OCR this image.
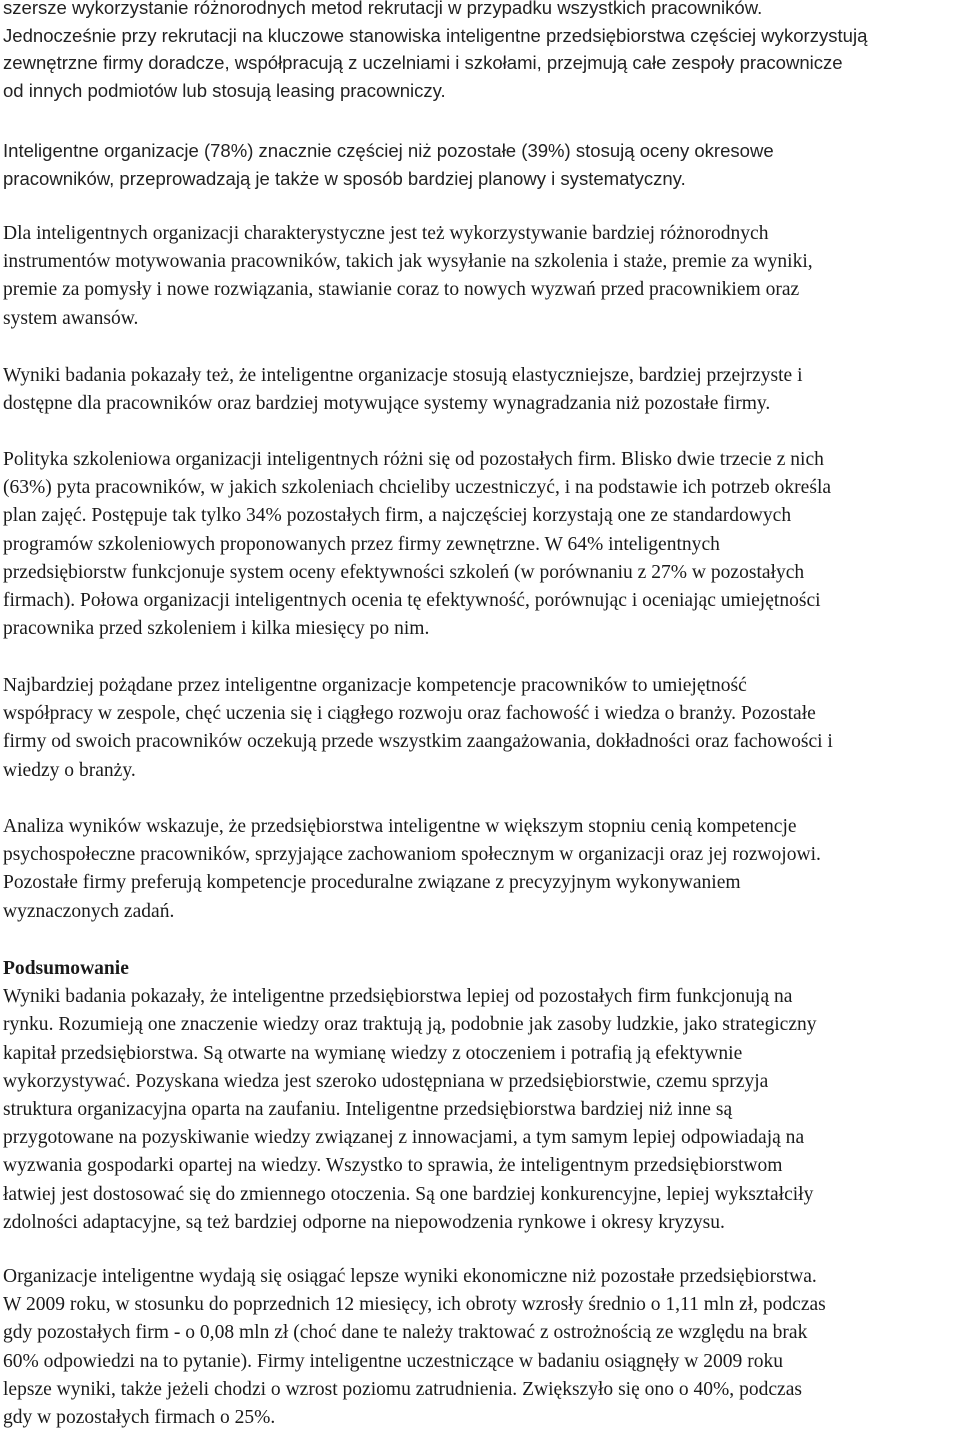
szersze wykorzystanie różnorodnych metod rekrutacji w przypadku wszystkich pracowników.
Jednocześnie przy rekrutacji na kluczowe stanowiska inteligentne przedsiębiorstwa częściej wykorzystują
zewnętrzne firmy doradcze, współpracują z uczelniami i szkołami, przejmują całe zespoły pracownicze
od innych podmiotów lub stosują leasing pracowniczy.
Inteligentne organizacje (78%) znacznie częściej niż pozostałe (39%) stosują oceny okresowe
pracowników, przeprowadzają je także w sposób bardziej planowy i systematyczny.
Dla inteligentnych organizacji charakterystyczne jest też wykorzystywanie bardziej różnorodnych
instrumentów motywowania pracowników, takich jak wysyłanie na szkolenia i staże, premie za wyniki,
premie za pomysły i nowe rozwiązania, stawianie coraz to nowych wyzwań przed pracownikiem oraz
system awansów.
Wyniki badania pokazały też, że inteligentne organizacje stosują elastyczniejsze, bardziej przejrzyste i
dostępne dla pracowników oraz bardziej motywujące systemy wynagradzania niż pozostałe firmy.
Polityka szkoleniowa organizacji inteligentnych różni się od pozostałych firm. Blisko dwie trzecie z nich
(63%) pyta pracowników, w jakich szkoleniach chcieliby uczestniczyć, i na podstawie ich potrzeb określa
plan zajęć. Postępuje tak tylko 34% pozostałych firm, a najczęściej korzystają one ze standardowych
programów szkoleniowych proponowanych przez firmy zewnętrzne. W 64% inteligentnych
przedsiębiorstw funkcjonuje system oceny efektywności szkoleń (w porównaniu z 27% w pozostałych
firmach). Połowa organizacji inteligentnych ocenia tę efektywność, porównując i oceniając umiejętności
pracownika przed szkoleniem i kilka miesięcy po nim.
Najbardziej pożądane przez inteligentne organizacje kompetencje pracowników to umiejętność
współpracy w zespole, chęć uczenia się i ciągłego rozwoju oraz fachowość i wiedza o branży. Pozostałe
firmy od swoich pracowników oczekują przede wszystkim zaangażowania, dokładności oraz fachowości i
wiedzy o branży.
Analiza wyników wskazuje, że przedsiębiorstwa inteligentne w większym stopniu cenią kompetencje
psychospołeczne pracowników, sprzyjające zachowaniom społecznym w organizacji oraz jej rozwojowi.
Pozostałe firmy preferują kompetencje proceduralne związane z precyzyjnym wykonywaniem
wyznaczonych zadań.
Podsumowanie
Wyniki badania pokazały, że inteligentne przedsiębiorstwa lepiej od pozostałych firm funkcjonują na
rynku. Rozumieją one znaczenie wiedzy oraz traktują ją, podobnie jak zasoby ludzkie, jako strategiczny
kapitał przedsiębiorstwa. Są otwarte na wymianę wiedzy z otoczeniem i potrafią ją efektywnie
wykorzystywać. Pozyskana wiedza jest szeroko udostępniana w przedsiębiorstwie, czemu sprzyja
struktura organizacyjna oparta na zaufaniu. Inteligentne przedsiębiorstwa bardziej niż inne są
przygotowane na pozyskiwanie wiedzy związanej z innowacjami, a tym samym lepiej odpowiadają na
wyzwania gospodarki opartej na wiedzy. Wszystko to sprawia, że inteligentnym przedsiębiorstwom
łatwiej jest dostosować się do zmiennego otoczenia. Są one bardziej konkurencyjne, lepiej wykształciły
zdolności adaptacyjne, są też bardziej odporne na niepowodzenia rynkowe i okresy kryzysu.
Organizacje inteligentne wydają się osiągać lepsze wyniki ekonomiczne niż pozostałe przedsiębiorstwa.
W 2009 roku, w stosunku do poprzednich 12 miesięcy, ich obroty wzrosły średnio o 1,11 mln zł, podczas
gdy pozostałych firm - o 0,08 mln zł (choć dane te należy traktować z ostrożnością ze względu na brak
60% odpowiedzi na to pytanie). Firmy inteligentne uczestniczące w badaniu osiągnęły w 2009 roku
lepsze wyniki, także jeżeli chodzi o wzrost poziomu zatrudnienia. Zwiększyło się ono o 40%, podczas
gdy w pozostałych firmach o 25%.
